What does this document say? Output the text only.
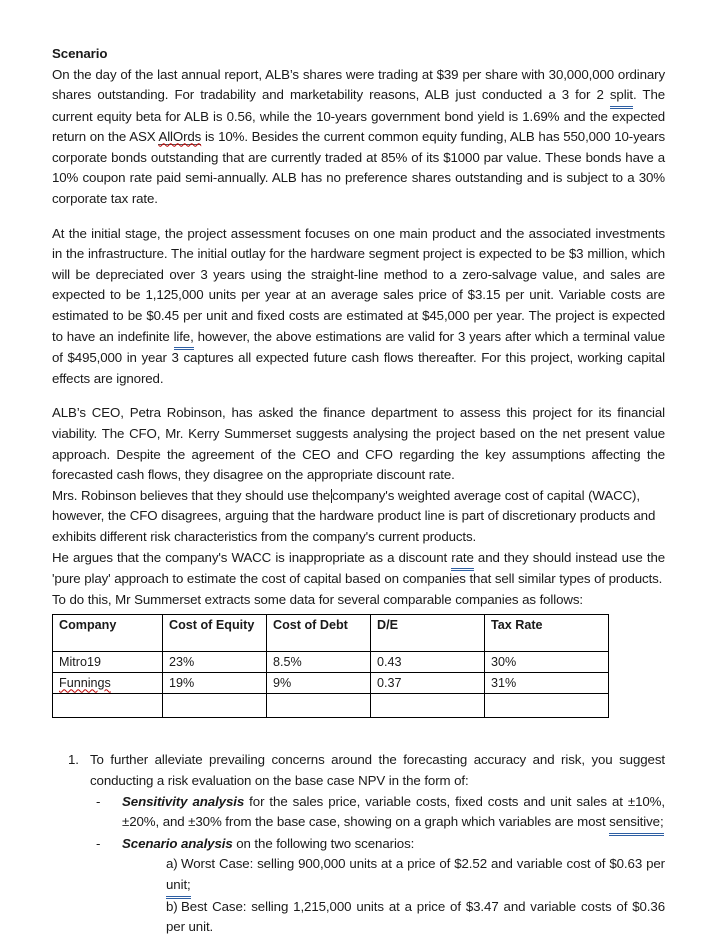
Scenario

On the day of the last annual report, ALB’s shares were trading at $39 per share with 30,000,000 ordinary shares outstanding. For tradability and marketability reasons, ALB just conducted a 3 for 2 split. The current equity beta for ALB is 0.56, while the 10-years government bond yield is 1.69% and the expected return on the ASX AllOrds is 10%. Besides the current common equity funding, ALB has 550,000 10-years corporate bonds outstanding that are currently traded at 85% of its $1000 par value. These bonds have a 10% coupon rate paid semi-annually. ALB has no preference shares outstanding and is subject to a 30% corporate tax rate.

At the initial stage, the project assessment focuses on one main product and the associated investments in the infrastructure. The initial outlay for the hardware segment project is expected to be $3 million, which will be depreciated over 3 years using the straight-line method to a zero-salvage value, and sales are expected to be 1,125,000 units per year at an average sales price of $3.15 per unit. Variable costs are estimated to be $0.45 per unit and fixed costs are estimated at $45,000 per year. The project is expected to have an indefinite life, however, the above estimations are valid for 3 years after which a terminal value of $495,000 in year 3 captures all expected future cash flows thereafter. For this project, working capital effects are ignored.

ALB’s CEO, Petra Robinson, has asked the finance department to assess this project for its financial viability. The CFO, Mr. Kerry Summerset suggests analysing the project based on the net present value approach. Despite the agreement of the CEO and CFO regarding the key assumptions affecting the forecasted cash flows, they disagree on the appropriate discount rate.

Mrs. Robinson believes that they should use the company's weighted average cost of capital (WACC), however, the CFO disagrees, arguing that the hardware product line is part of discretionary products and exhibits different risk characteristics from the company's current products.

He argues that the company's WACC is inappropriate as a discount rate and they should instead use the 'pure play' approach to estimate the cost of capital based on companies that sell similar types of products.

To do this, Mr Summerset extracts some data for several comparable companies as follows:

Company	Cost of Equity	Cost of Debt	D/E	Tax Rate
Mitro19	23%	8.5%	0.43	30%
Funnings	19%	9%	0.37	31%

1. To further alleviate prevailing concerns around the forecasting accuracy and risk, you suggest conducting a risk evaluation on the base case NPV in the form of:
- Sensitivity analysis for the sales price, variable costs, fixed costs and unit sales at ±10%, ±20%, and ±30% from the base case, showing on a graph which variables are most sensitive;
- Scenario analysis on the following two scenarios:
a) Worst Case: selling 900,000 units at a price of $2.52 and variable cost of $0.63 per unit;
b) Best Case: selling 1,215,000 units at a price of $3.47 and variable costs of $0.36 per unit.
